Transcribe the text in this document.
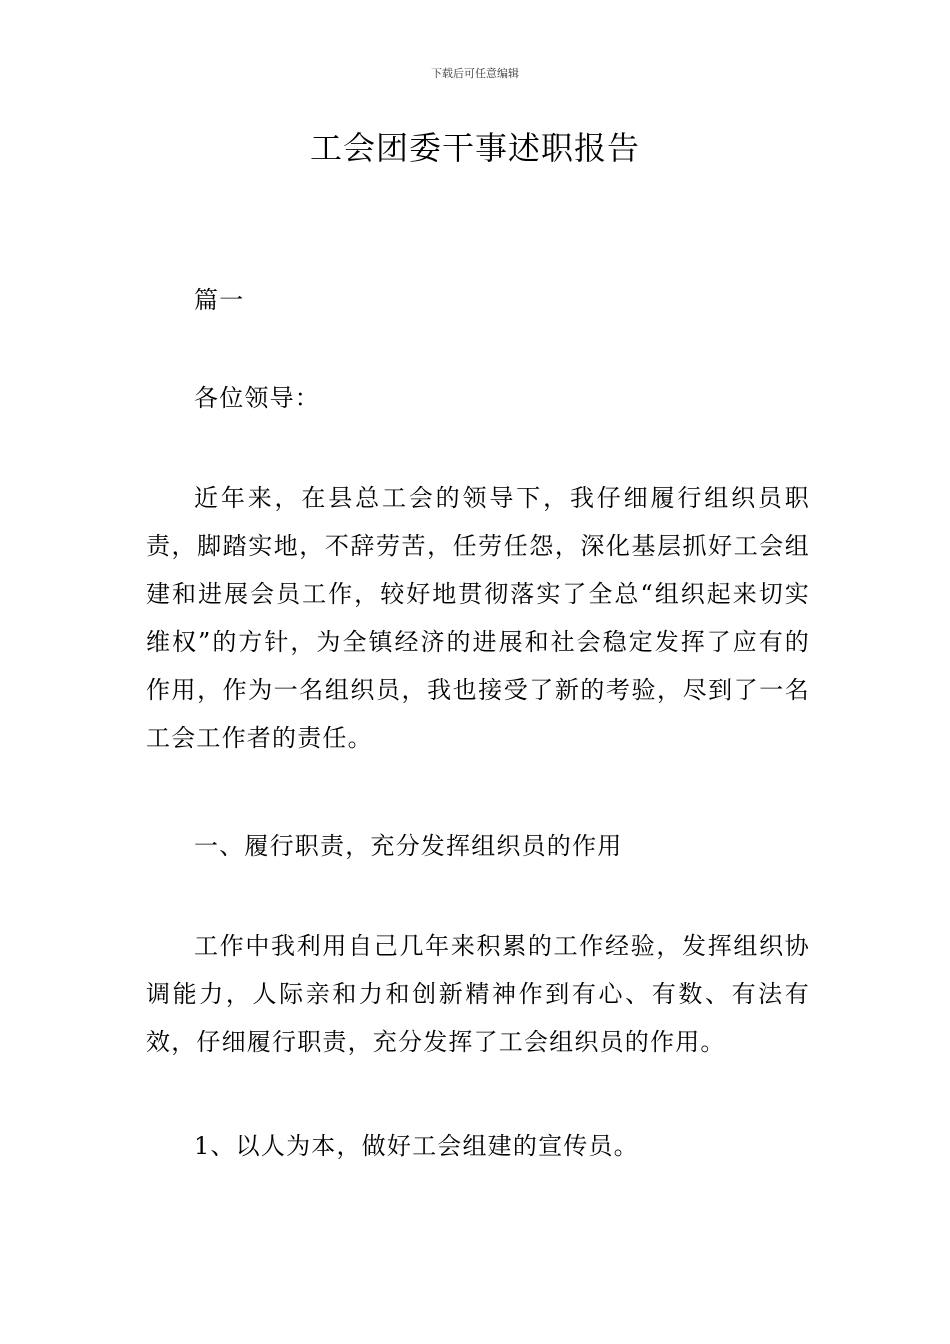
下载后可任意编辑
工会团委干事述职报告

篇一

各位领导：

近年来，在县总工会的领导下，我仔细履行组织员职责，脚踏实地，不辞劳苦，任劳任怨，深化基层抓好工会组建和进展会员工作，较好地贯彻落实了全总“组织起来切实维权”的方针，为全镇经济的进展和社会稳定发挥了应有的作用，作为一名组织员，我也接受了新的考验，尽到了一名工会工作者的责任。

一、履行职责，充分发挥组织员的作用

工作中我利用自己几年来积累的工作经验，发挥组织协调能力，人际亲和力和创新精神作到有心、有数、有法有效，仔细履行职责，充分发挥了工会组织员的作用。

1、以人为本，做好工会组建的宣传员。
